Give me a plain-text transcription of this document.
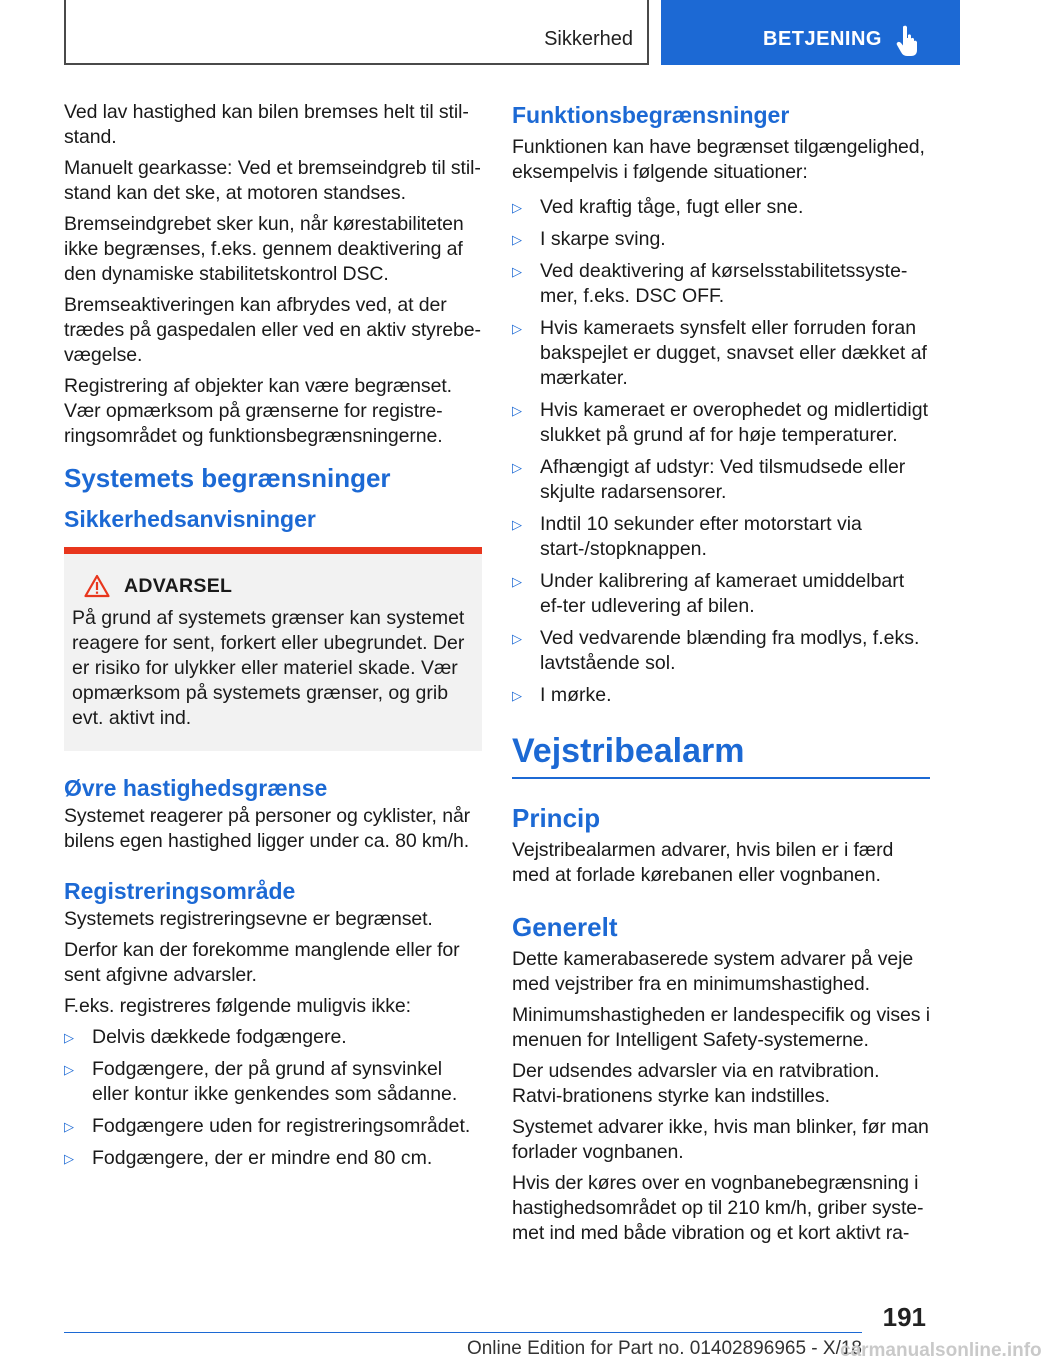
Sikkerhed	BETJENING

Ved lav hastighed kan bilen bremses helt til stil‐stand.

Manuelt gearkasse: Ved et bremseindgreb til stil‐stand kan det ske, at motoren standses.

Bremseindgrebet sker kun, når kørestabiliteten ikke begrænses, f.eks. gennem deaktivering af den dynamiske stabilitetskontrol DSC.

Bremseaktiveringen kan afbrydes ved, at der trædes på gaspedalen eller ved en aktiv styrebe‐vægelse.

Registrering af objekter kan være begrænset. Vær opmærksom på grænserne for registre‐ringsområdet og funktionsbegrænsningerne.

Systemets begrænsninger
Sikkerhedsanvisninger
ADVARSEL

På grund af systemets grænser kan systemet reagere for sent, forkert eller ubegrundet. Der er risiko for ulykker eller materiel skade. Vær opmærksom på systemets grænser, og grib evt. aktivt ind.

Øvre hastighedsgrænse

Systemet reagerer på personer og cyklister, når bilens egen hastighed ligger under ca. 80 km/h.

Registreringsområde

Systemets registreringsevne er begrænset.

Derfor kan der forekomme manglende eller for sent afgivne advarsler.

F.eks. registreres følgende muligvis ikke:

▷ Delvis dækkede fodgængere.
▷ Fodgængere, der på grund af synsvinkel eller kontur ikke genkendes som sådanne.
▷ Fodgængere uden for registreringsområdet.
▷ Fodgængere, der er mindre end 80 cm.
Funktionsbegrænsninger

Funktionen kan have begrænset tilgængelighed, eksempelvis i følgende situationer:

▷ Ved kraftig tåge, fugt eller sne.
▷ I skarpe sving.
▷ Ved deaktivering af kørselsstabilitetssyste‐mer, f.eks. DSC OFF.
▷ Hvis kameraets synsfelt eller forruden foran bakspejlet er dugget, snavset eller dækket af mærkater.
▷ Hvis kameraet er overophedet og midlertidigt slukket på grund af for høje temperaturer.
▷ Afhængigt af udstyr: Ved tilsmudsede eller skjulte radarsensorer.
▷ Indtil 10 sekunder efter motorstart via start-/stopknappen.
▷ Under kalibrering af kameraet umiddelbart ef‐ter udlevering af bilen.
▷ Ved vedvarende blænding fra modlys, f.eks. lavtstående sol.
▷ I mørke.
Vejstribealarm
Princip

Vejstribealarmen advarer, hvis bilen er i færd med at forlade kørebanen eller vognbanen.

Generelt

Dette kamerabaserede system advarer på veje med vejstriber fra en minimumshastighed.

Minimumshastigheden er landespecifik og vises i menuen for Intelligent Safety-systemerne.

Der udsendes advarsler via en ratvibration. Ratvi‐brationens styrke kan indstilles.

Systemet advarer ikke, hvis man blinker, før man forlader vognbanen.

Hvis der køres over en vognbanebegrænsning i hastighedsområdet op til 210 km/h, griber syste‐met ind med både vibration og et kort aktivt ra‐

191
Online Edition for Part no. 01402896965 - X/18
carmanualsonline.info
